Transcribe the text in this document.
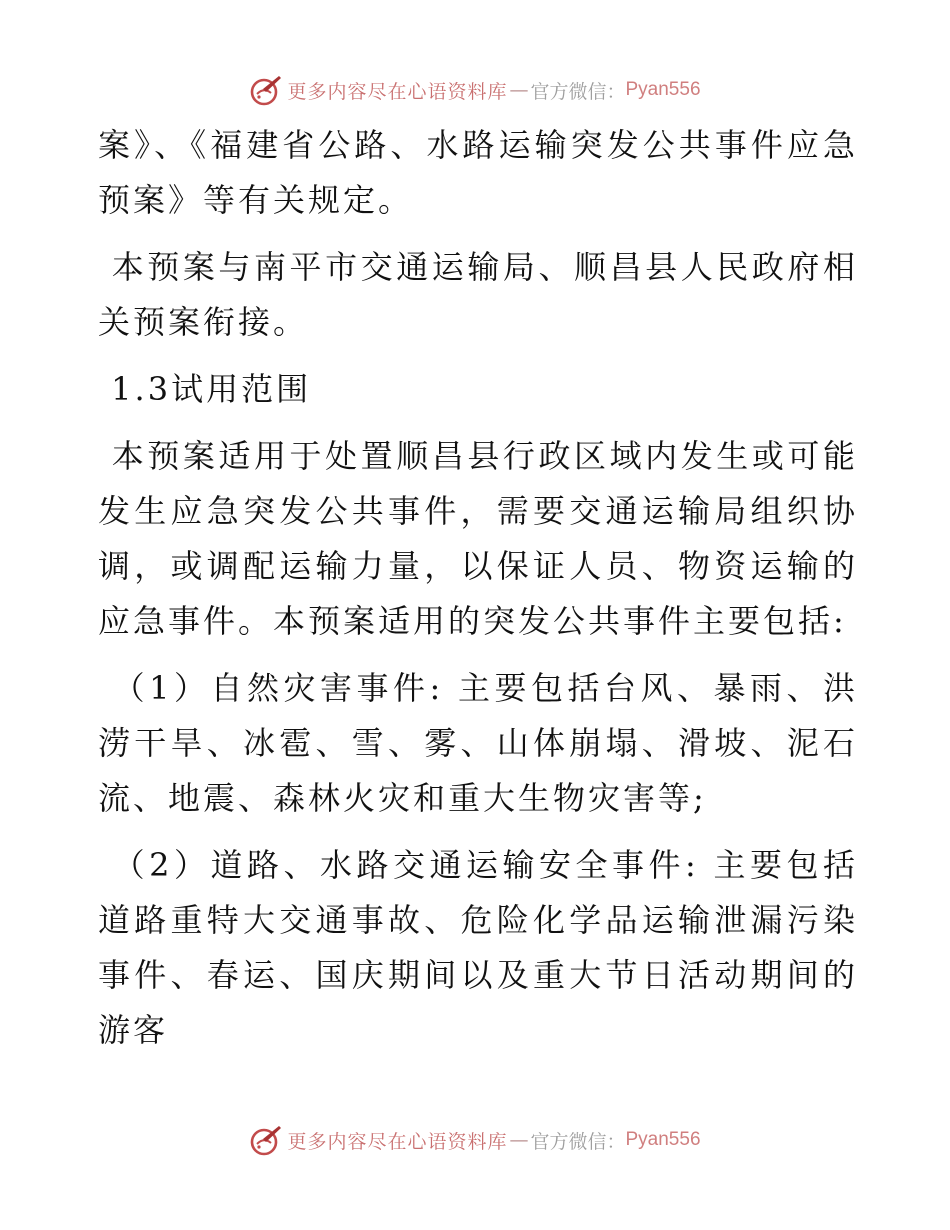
更多内容尽在心语资料库 — 官方微信： Pyan556

案》、《福建省公路、水路运输突发公共事件应急预案》等有关规定。

本预案与南平市交通运输局、顺昌县人民政府相关预案衔接。

1.3试用范围

本预案适用于处置顺昌县行政区域内发生或可能发生应急突发公共事件，需要交通运输局组织协调，或调配运输力量，以保证人员、物资运输的应急事件。本预案适用的突发公共事件主要包括:

（1）自然灾害事件: 主要包括台风、暴雨、洪涝干旱、冰雹、雪、雾、山体崩塌、滑坡、泥石流、地震、森林火灾和重大生物灾害等;

（2）道路、水路交通运输安全事件: 主要包括道路重特大交通事故、危险化学品运输泄漏污染事件、春运、国庆期间以及重大节日活动期间的游客

更多内容尽在心语资料库 — 官方微信： Pyan556
